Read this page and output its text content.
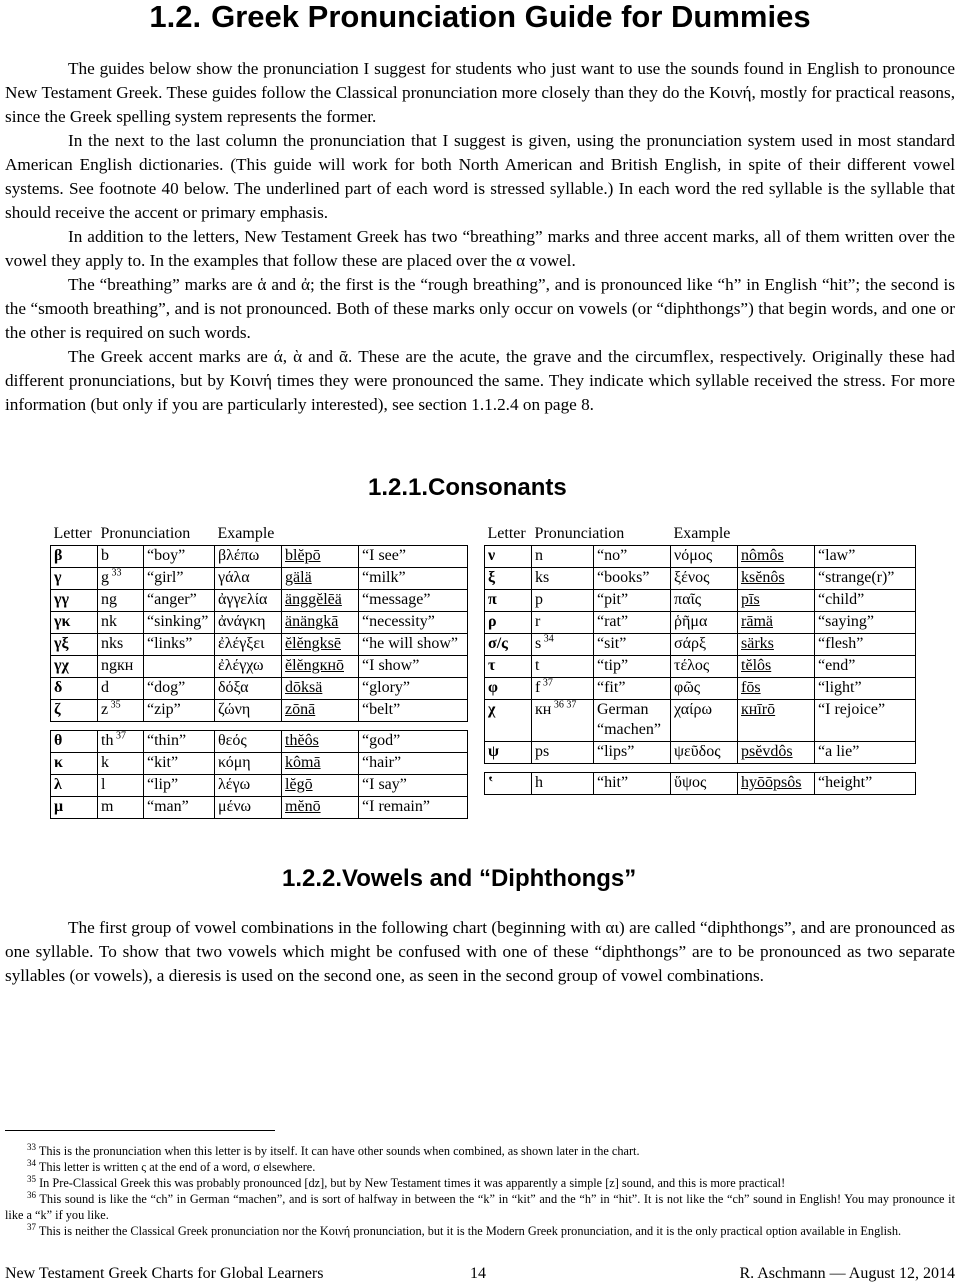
1.2. Greek Pronunciation Guide for Dummies

The guides below show the pronunciation I suggest for students who just want to use the sounds found in English to pronounce New Testament Greek. These guides follow the Classical pronunciation more closely than they do the Κοινή, mostly for practical reasons, since the Greek spelling system represents the former.

In the next to the last column the pronunciation that I suggest is given, using the pronunciation system used in most standard American English dictionaries. (This guide will work for both North American and British English, in spite of their different vowel systems. See footnote 40 below. The underlined part of each word is stressed syllable.) In each word the red syllable is the syllable that should receive the accent or primary emphasis.

In addition to the letters, New Testament Greek has two “breathing” marks and three accent marks, all of them written over the vowel they apply to. In the examples that follow these are placed over the α vowel.

The “breathing” marks are ἁ and ἀ; the first is the “rough breathing”, and is pronounced like “h” in English “hit”; the second is the “smooth breathing”, and is not pronounced. Both of these marks only occur on vowels (or “diphthongs”) that begin words, and one or the other is required on such words.

The Greek accent marks are ά, ὰ and ᾶ. These are the acute, the grave and the circumflex, respectively. Originally these had different pronunciations, but by Κοινή times they were pronounced the same. They indicate which syllable received the stress. For more information (but only if you are particularly interested), see section 1.1.2.4 on page 8.

1.2.1.Consonants
Letter	Pronunciation		Example		
β	b	“boy”	βλέπω	blĕpō	“I see”
γ	g $^{33}$	“girl”	γάλα	gälä	“milk”
γγ	ng	“anger”	ἀγγελία	änggĕlēä	“message”
γκ	nk	“sinking”	ἀνάγκη	änängkā	“necessity”
γξ	nks	“links”	ἐλέγξει	ĕlĕngksē	“he will show”
γχ	ngкн		ἐλέγχω	ĕlĕngкнō	“I show”
δ	d	“dog”	δόξα	dōksä	“glory”
ζ	z $^{35}$	“zip”	ζώνη	zōnā	“belt”

θ	th $^{37}$	“thin”	θεός	thĕôs	“god”
κ	k	“kit”	κόμη	kômā	“hair”
λ	l	“lip”	λέγω	lĕgō	“I say”
μ	m	“man”	μένω	mĕnō	“I remain”
Letter	Pronunciation		Example		
ν	n	“no”	νόμος	nômôs	“law”
ξ	ks	“books”	ξένος	ksĕnôs	“strange(r)”
π	p	“pit”	παῖς	pīs	“child”
ρ	r	“rat”	ῥῆμα	rāmä	“saying”
σ/ς	s $^{34}$	“sit”	σάρξ	särks	“flesh”
τ	t	“tip”	τέλος	tĕlôs	“end”
φ	f $^{37}$	“fit”	φῶς	fōs	“light”
χ	кн $^{36 37}$	German “machen”	χαίρω	кнīrō	“I rejoice”
ψ	ps	“lips”	ψεῦδος	psĕvdôs	“a lie”

ʽ	h	“hit”	ὕψος	hyōōpsôs	“height”
1.2.2.Vowels and “Diphthongs”

The first group of vowel combinations in the following chart (beginning with αι) are called “diphthongs”, and are pronounced as one syllable. To show that two vowels which might be confused with one of these “diphthongs” are to be pronounced as two separate syllables (or vowels), a dieresis is used on the second one, as seen in the second group of vowel combinations.

$^{33}$ This is the pronunciation when this letter is by itself. It can have other sounds when combined, as shown later in the chart.
$^{34}$ This letter is written ς at the end of a word, σ elsewhere.
$^{35}$ In Pre-Classical Greek this was probably pronounced [dz], but by New Testament times it was apparently a simple [z] sound, and this is more practical!
$^{36}$ This sound is like the “ch” in German “machen”, and is sort of halfway in between the “k” in “kit” and the “h” in “hit”. It is not like the “ch” sound in English! You may pronounce it like a “k” if you like.
$^{37}$ This is neither the Classical Greek pronunciation nor the Κοινή pronunciation, but it is the Modern Greek pronunciation, and it is the only practical option available in English.
New Testament Greek Charts for Global Learners	14	R. Aschmann — August 12, 2014
